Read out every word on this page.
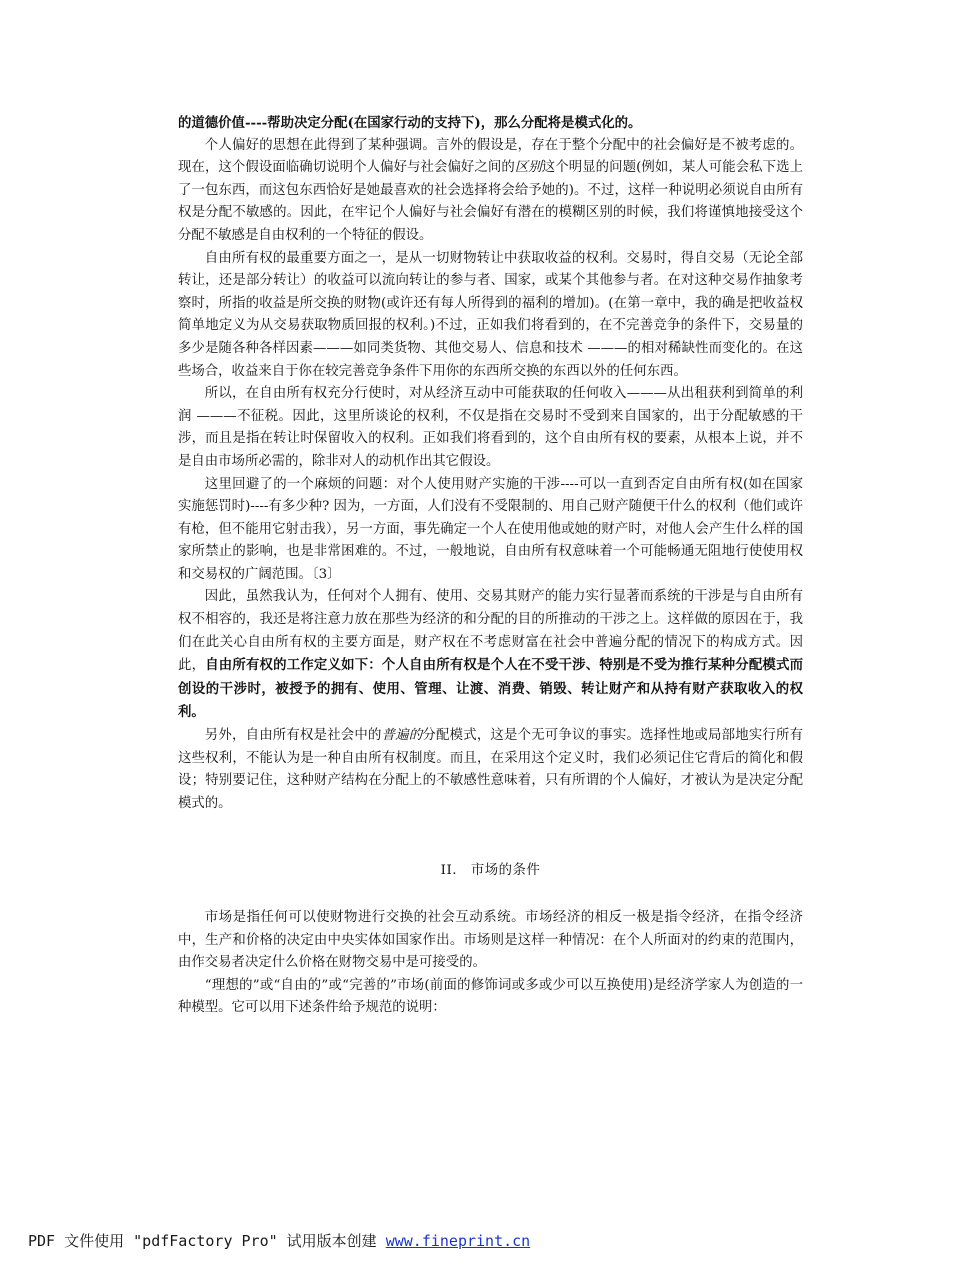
的道德价值----帮助决定分配(在国家行动的支持下)，那么分配将是模式化的。

个人偏好的思想在此得到了某种强调。言外的假设是，存在于整个分配中的社会偏好是不被考虑的。现在，这个假设面临确切说明个人偏好与社会偏好之间的区别这个明显的问题(例如，某人可能会私下选上了一包东西，而这包东西恰好是她最喜欢的社会选择将会给予她的)。不过，这样一种说明必须说自由所有权是分配不敏感的。因此，在牢记个人偏好与社会偏好有潜在的模糊区别的时候，我们将谨慎地接受这个分配不敏感是自由权利的一个特征的假设。

自由所有权的最重要方面之一，是从一切财物转让中获取收益的权利。交易时，得自交易（无论全部转让，还是部分转让）的收益可以流向转让的参与者、国家，或某个其他参与者。在对这种交易作抽象考察时，所指的收益是所交换的财物(或许还有每人所得到的福利的增加)。(在第一章中，我的确是把收益权简单地定义为从交易获取物质回报的权利。)不过，正如我们将看到的，在不完善竞争的条件下，交易量的多少是随各种各样因素———如同类货物、其他交易人、信息和技术 ———的相对稀缺性而变化的。在这些场合，收益来自于你在较完善竞争条件下用你的东西所交换的东西以外的任何东西。

所以，在自由所有权充分行使时，对从经济互动中可能获取的任何收入———从出租获利到简单的利润 ———不征税。因此，这里所谈论的权利，不仅是指在交易时不受到来自国家的，出于分配敏感的干涉，而且是指在转让时保留收入的权利。正如我们将看到的，这个自由所有权的要素，从根本上说，并不是自由市场所必需的，除非对人的动机作出其它假设。

这里回避了的一个麻烦的问题：对个人使用财产实施的干涉----可以一直到否定自由所有权(如在国家实施惩罚时)----有多少种? 因为，一方面，人们没有不受限制的、用自己财产随便干什么的权利（他们或许有枪，但不能用它射击我），另一方面，事先确定一个人在使用他或她的财产时，对他人会产生什么样的国家所禁止的影响，也是非常困难的。不过，一般地说，自由所有权意味着一个可能畅通无阻地行使使用权和交易权的广阔范围。〔3〕

因此，虽然我认为，任何对个人拥有、使用、交易其财产的能力实行显著而系统的干涉是与自由所有权不相容的，我还是将注意力放在那些为经济的和分配的目的所推动的干涉之上。这样做的原因在于，我们在此关心自由所有权的主要方面是，财产权在不考虑财富在社会中普遍分配的情况下的构成方式。因此，自由所有权的工作定义如下：个人自由所有权是个人在不受干涉、特别是不受为推行某种分配模式而创设的干涉时，被授予的拥有、使用、管理、让渡、消费、销毁、转让财产和从持有财产获取收入的权利。

另外，自由所有权是社会中的普遍的分配模式，这是个无可争议的事实。选择性地或局部地实行所有这些权利，不能认为是一种自由所有权制度。而且，在采用这个定义时，我们必须记住它背后的简化和假设；特别要记住，这种财产结构在分配上的不敏感性意味着，只有所谓的个人偏好，才被认为是决定分配模式的。

II.　市场的条件

市场是指任何可以使财物进行交换的社会互动系统。市场经济的相反一极是指令经济，在指令经济中，生产和价格的决定由中央实体如国家作出。市场则是这样一种情况：在个人所面对的约束的范围内，由作交易者决定什么价格在财物交易中是可接受的。

“理想的”或“自由的”或“完善的”市场(前面的修饰词或多或少可以互换使用)是经济学家人为创造的一种模型。它可以用下述条件给予规范的说明：

PDF 文件使用 "pdfFactory Pro" 试用版本创建 www.fineprint.cn
